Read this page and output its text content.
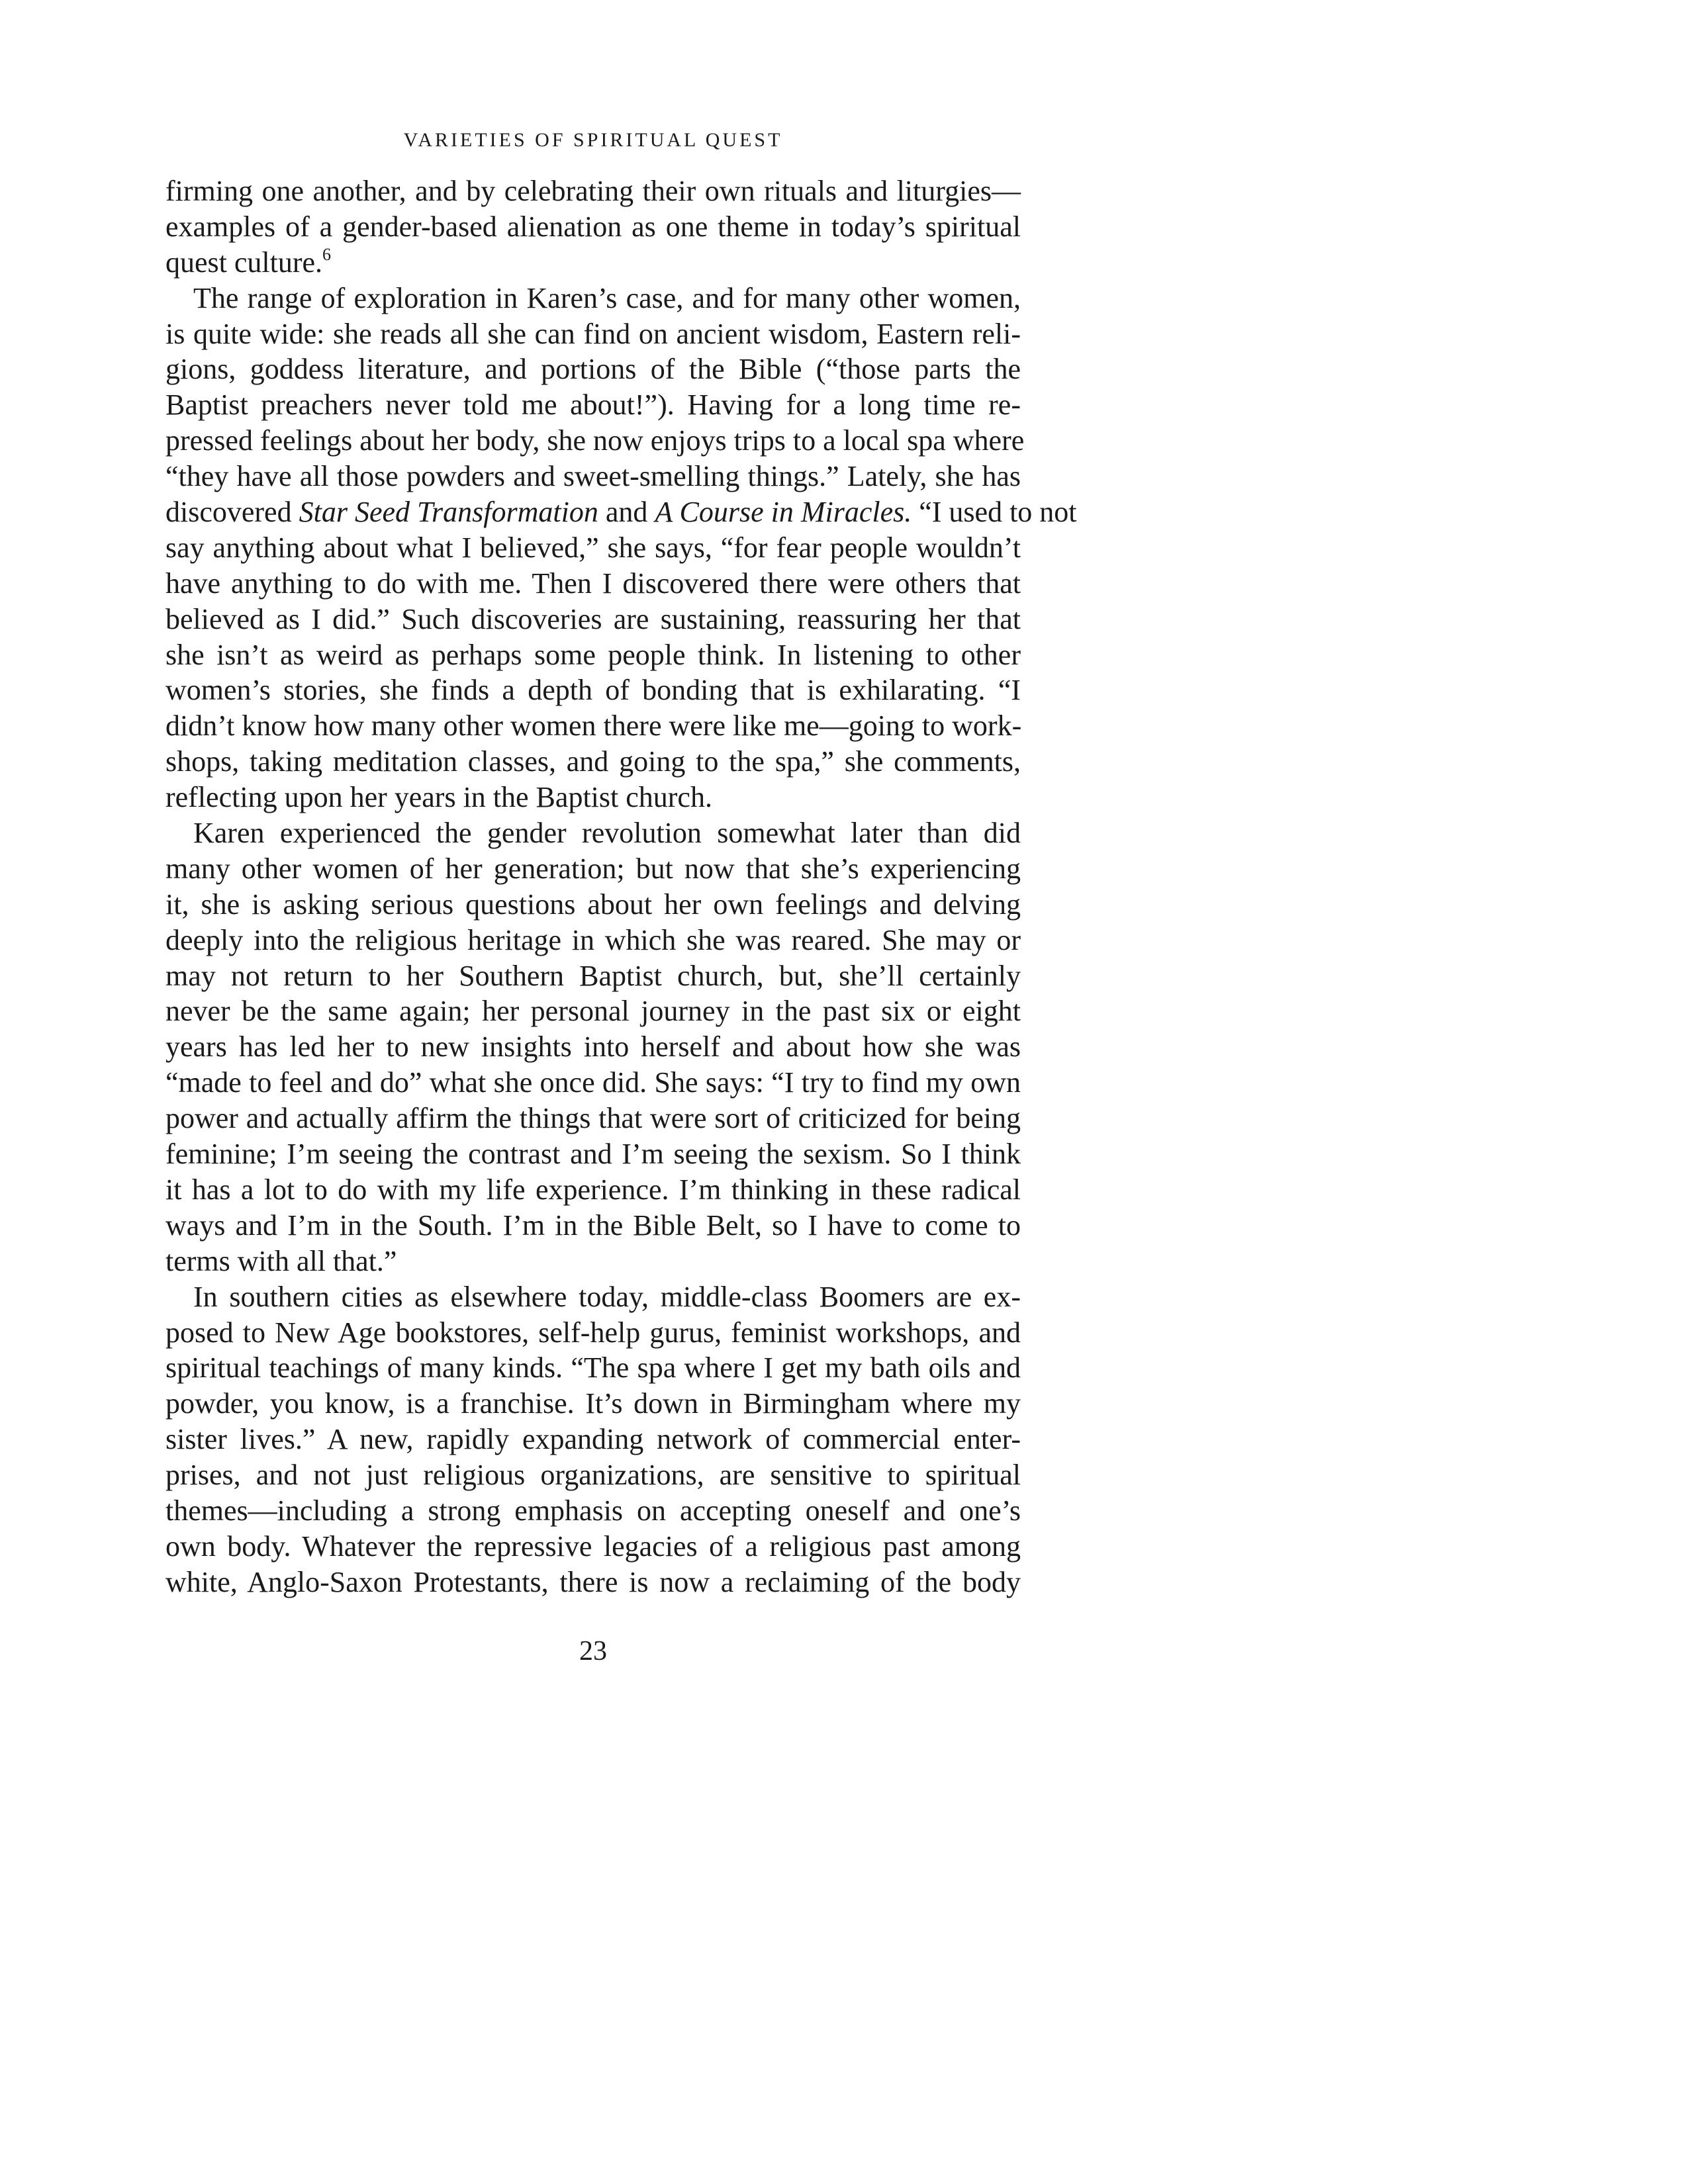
VARIETIES OF SPIRITUAL QUEST
firming one another, and by celebrating their own rituals and liturgies—
examples of a gender-based alienation as one theme in today’s spiritual
quest culture.$^6$
The range of exploration in Karen’s case, and for many other women,
is quite wide: she reads all she can find on ancient wisdom, Eastern reli-
gions, goddess literature, and portions of the Bible (“those parts the
Baptist preachers never told me about!”). Having for a long time re-
pressed feelings about her body, she now enjoys trips to a local spa where
“they have all those powders and sweet-smelling things.” Lately, she has
discovered Star Seed Transformation and A Course in Miracles. “I used to not
say anything about what I believed,” she says, “for fear people wouldn’t
have anything to do with me. Then I discovered there were others that
believed as I did.” Such discoveries are sustaining, reassuring her that
she isn’t as weird as perhaps some people think. In listening to other
women’s stories, she finds a depth of bonding that is exhilarating. “I
didn’t know how many other women there were like me—going to work-
shops, taking meditation classes, and going to the spa,” she comments,
reflecting upon her years in the Baptist church.
Karen experienced the gender revolution somewhat later than did
many other women of her generation; but now that she’s experiencing
it, she is asking serious questions about her own feelings and delving
deeply into the religious heritage in which she was reared. She may or
may not return to her Southern Baptist church, but, she’ll certainly
never be the same again; her personal journey in the past six or eight
years has led her to new insights into herself and about how she was
“made to feel and do” what she once did. She says: “I try to find my own
power and actually affirm the things that were sort of criticized for being
feminine; I’m seeing the contrast and I’m seeing the sexism. So I think
it has a lot to do with my life experience. I’m thinking in these radical
ways and I’m in the South. I’m in the Bible Belt, so I have to come to
terms with all that.”
In southern cities as elsewhere today, middle-class Boomers are ex-
posed to New Age bookstores, self-help gurus, feminist workshops, and
spiritual teachings of many kinds. “The spa where I get my bath oils and
powder, you know, is a franchise. It’s down in Birmingham where my
sister lives.” A new, rapidly expanding network of commercial enter-
prises, and not just religious organizations, are sensitive to spiritual
themes—including a strong emphasis on accepting oneself and one’s
own body. Whatever the repressive legacies of a religious past among
white, Anglo-Saxon Protestants, there is now a reclaiming of the body
23
